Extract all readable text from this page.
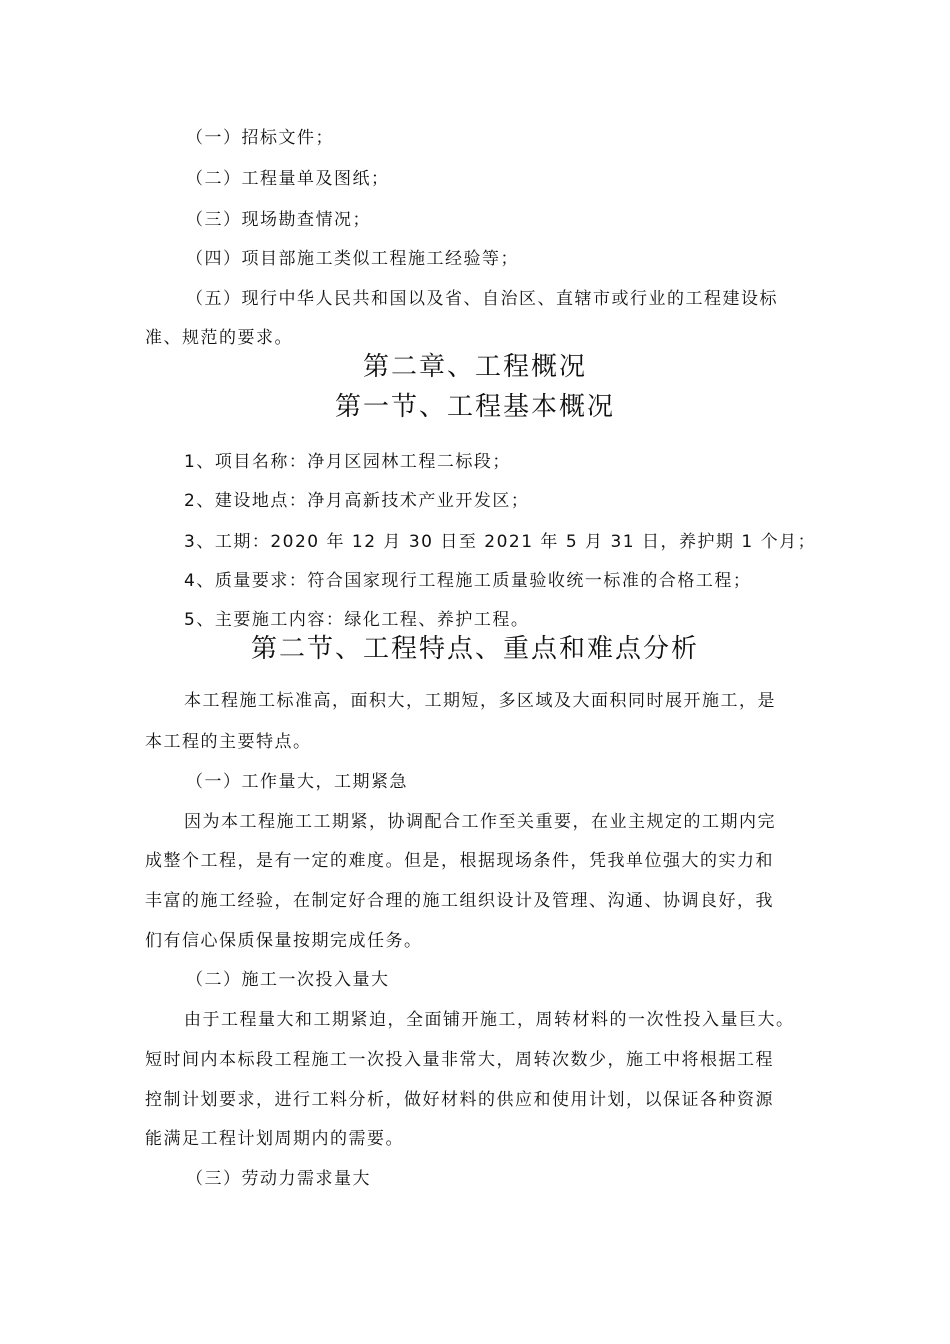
（一）招标文件；

（二）工程量单及图纸；

（三）现场勘查情况；

（四）项目部施工类似工程施工经验等；

（五）现行中华人民共和国以及省、自治区、直辖市或行业的工程建设标

准、规范的要求。

第二章、工程概况
第一节、工程基本概况

1、项目名称：净月区园林工程二标段；

2、建设地点：净月高新技术产业开发区；

3、工期：2020 年 12 月 30 日至 2021 年 5 月 31 日，养护期 1 个月；

4、质量要求：符合国家现行工程施工质量验收统一标准的合格工程；

5、主要施工内容：绿化工程、养护工程。

第二节、工程特点、重点和难点分析

本工程施工标准高，面积大，工期短，多区域及大面积同时展开施工，是

本工程的主要特点。

（一）工作量大，工期紧急

因为本工程施工工期紧，协调配合工作至关重要，在业主规定的工期内完

成整个工程，是有一定的难度。但是，根据现场条件，凭我单位强大的实力和

丰富的施工经验，在制定好合理的施工组织设计及管理、沟通、协调良好，我

们有信心保质保量按期完成任务。

（二）施工一次投入量大

由于工程量大和工期紧迫，全面铺开施工，周转材料的一次性投入量巨大。

短时间内本标段工程施工一次投入量非常大，周转次数少，施工中将根据工程

控制计划要求，进行工料分析，做好材料的供应和使用计划，以保证各种资源

能满足工程计划周期内的需要。

（三）劳动力需求量大
